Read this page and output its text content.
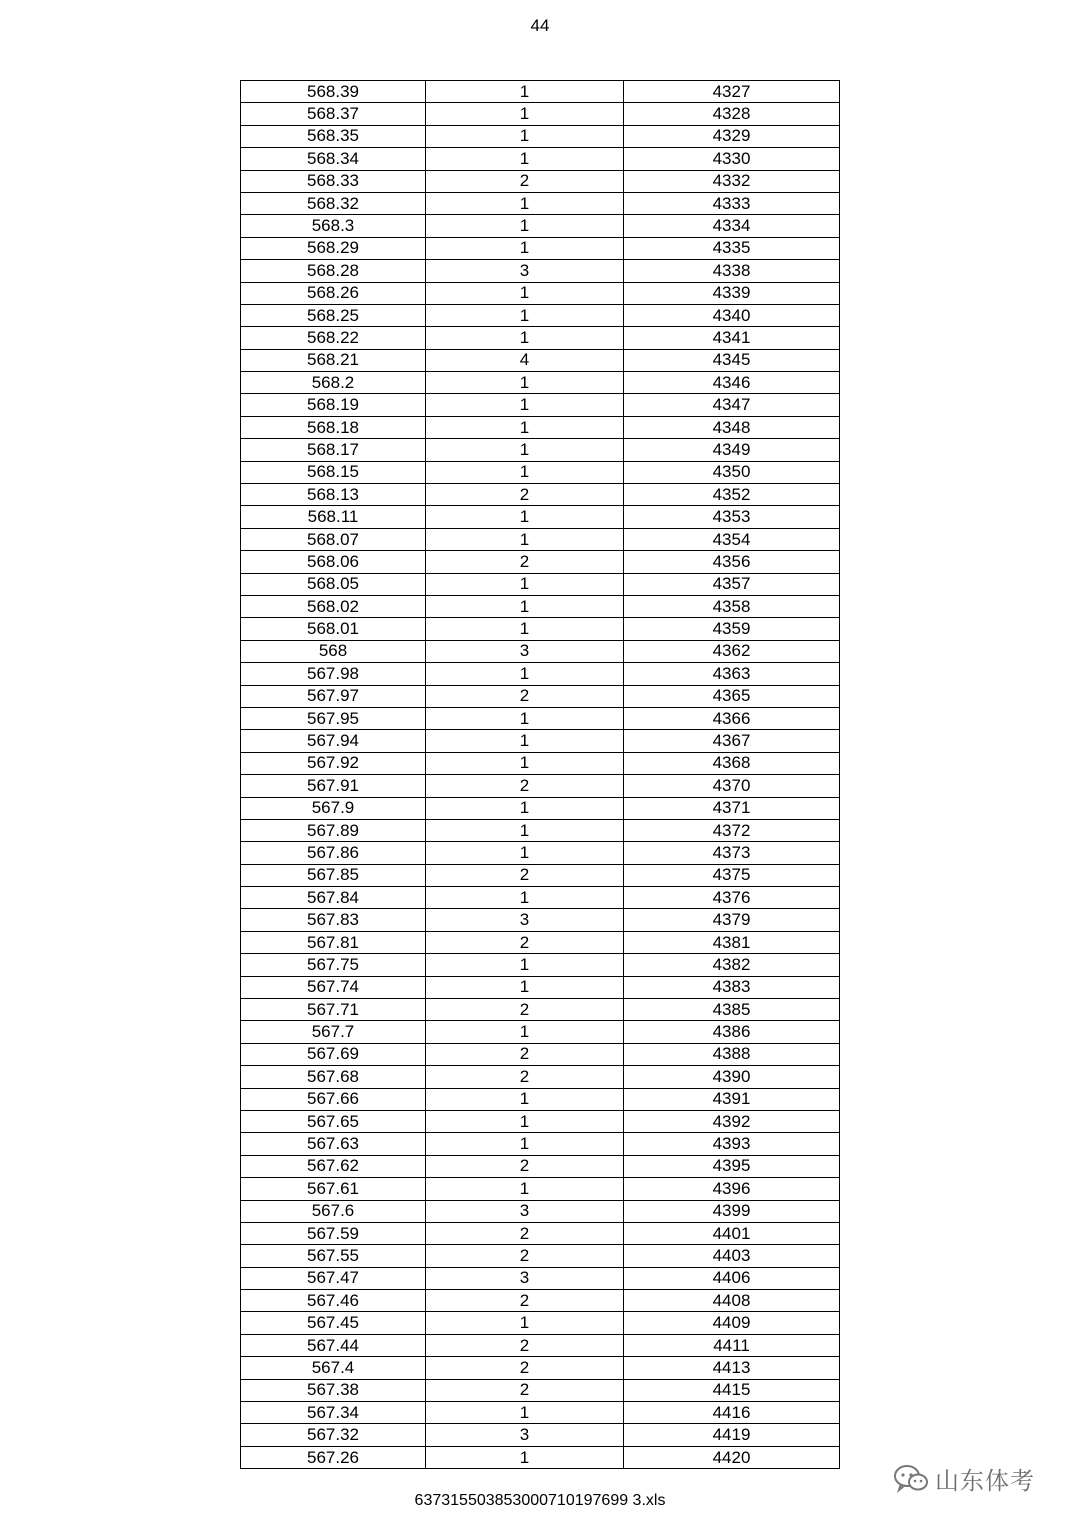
44
568.39	1	4327
568.37	1	4328
568.35	1	4329
568.34	1	4330
568.33	2	4332
568.32	1	4333
568.3	1	4334
568.29	1	4335
568.28	3	4338
568.26	1	4339
568.25	1	4340
568.22	1	4341
568.21	4	4345
568.2	1	4346
568.19	1	4347
568.18	1	4348
568.17	1	4349
568.15	1	4350
568.13	2	4352
568.11	1	4353
568.07	1	4354
568.06	2	4356
568.05	1	4357
568.02	1	4358
568.01	1	4359
568	3	4362
567.98	1	4363
567.97	2	4365
567.95	1	4366
567.94	1	4367
567.92	1	4368
567.91	2	4370
567.9	1	4371
567.89	1	4372
567.86	1	4373
567.85	2	4375
567.84	1	4376
567.83	3	4379
567.81	2	4381
567.75	1	4382
567.74	1	4383
567.71	2	4385
567.7	1	4386
567.69	2	4388
567.68	2	4390
567.66	1	4391
567.65	1	4392
567.63	1	4393
567.62	2	4395
567.61	1	4396
567.6	3	4399
567.59	2	4401
567.55	2	4403
567.47	3	4406
567.46	2	4408
567.45	1	4409
567.44	2	4411
567.4	2	4413
567.38	2	4415
567.34	1	4416
567.32	3	4419
567.26	1	4420
637315503853000710197699 3.xls
山东体考
